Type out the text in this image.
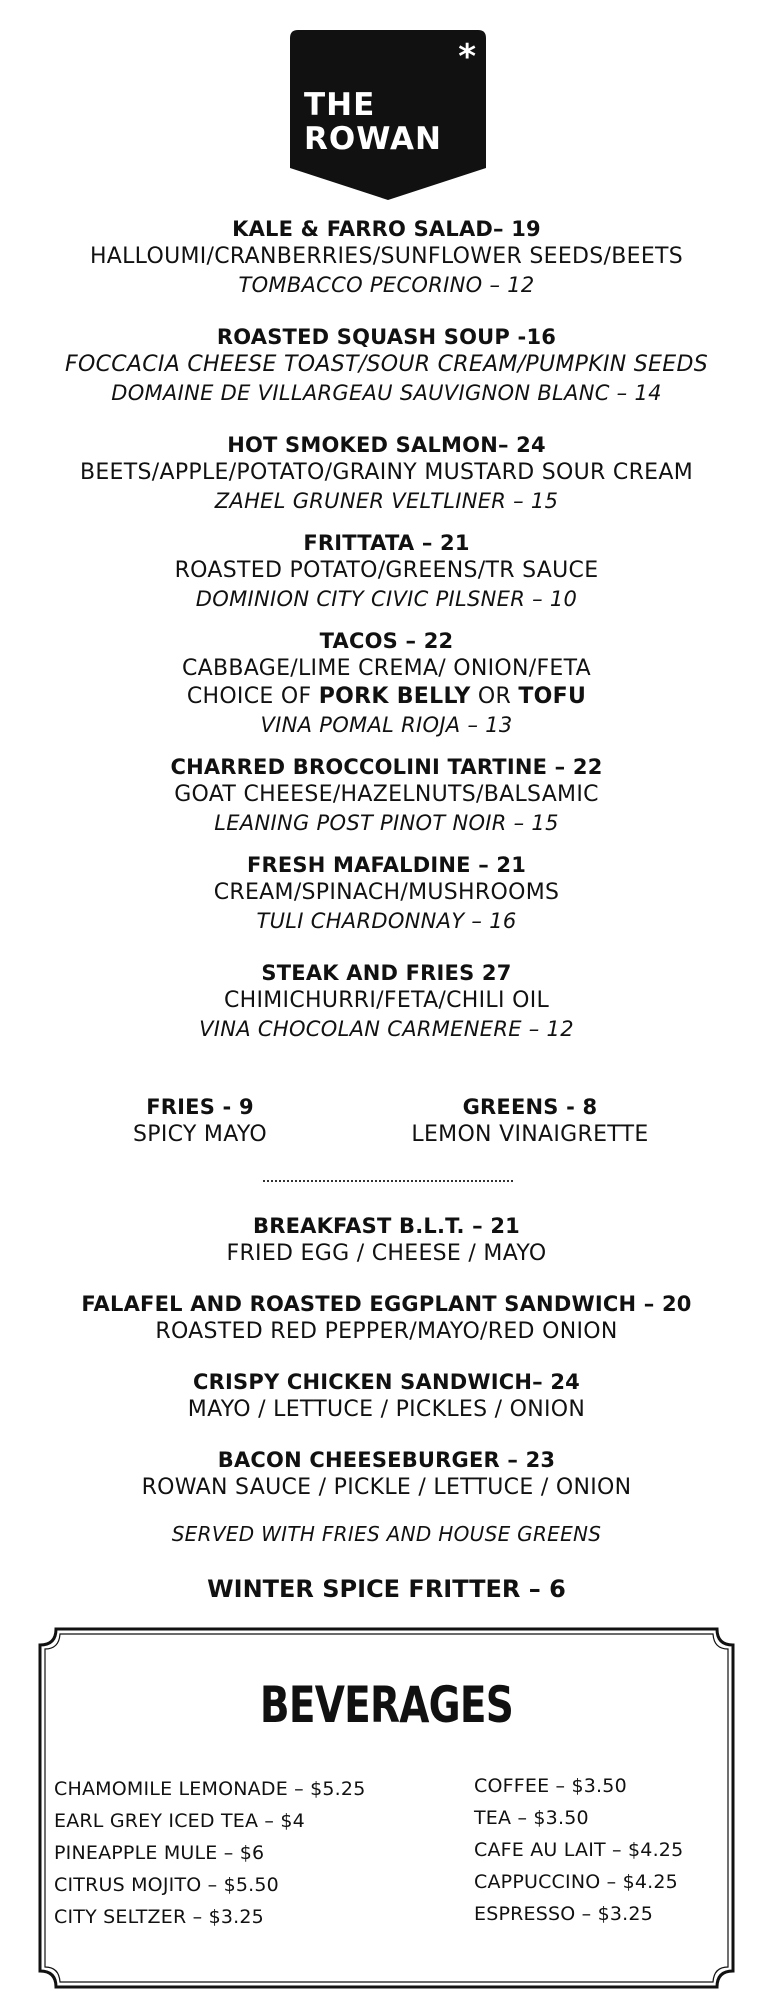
*
THE
ROWAN
KALE & FARRO SALAD– 19
HALLOUMI/CRANBERRIES/SUNFLOWER SEEDS/BEETS
TOMBACCO PECORINO – 12
ROASTED SQUASH SOUP -16
FOCCACIA CHEESE TOAST/SOUR CREAM/PUMPKIN SEEDS
DOMAINE DE VILLARGEAU SAUVIGNON BLANC – 14
HOT SMOKED SALMON– 24
BEETS/APPLE/POTATO/GRAINY MUSTARD SOUR CREAM
ZAHEL GRUNER VELTLINER – 15
FRITTATA – 21
ROASTED POTATO/GREENS/TR SAUCE
DOMINION CITY CIVIC PILSNER – 10
TACOS – 22
CABBAGE/LIME CREMA/ ONION/FETA
CHOICE OF PORK BELLY OR TOFU
VINA POMAL RIOJA – 13
CHARRED BROCCOLINI TARTINE – 22
GOAT CHEESE/HAZELNUTS/BALSAMIC
LEANING POST PINOT NOIR – 15
FRESH MAFALDINE – 21
CREAM/SPINACH/MUSHROOMS
TULI CHARDONNAY – 16
STEAK AND FRIES 27
CHIMICHURRI/FETA/CHILI OIL
VINA CHOCOLAN CARMENERE – 12
FRIES - 9
SPICY MAYO
GREENS - 8
LEMON VINAIGRETTE
BREAKFAST B.L.T. – 21
FRIED EGG / CHEESE / MAYO
FALAFEL AND ROASTED EGGPLANT SANDWICH – 20
ROASTED RED PEPPER/MAYO/RED ONION
CRISPY CHICKEN SANDWICH– 24
MAYO / LETTUCE / PICKLES / ONION
BACON CHEESEBURGER – 23
ROWAN SAUCE / PICKLE / LETTUCE / ONION
SERVED WITH FRIES AND HOUSE GREENS
WINTER SPICE FRITTER – 6
BEVERAGES
CHAMOMILE LEMONADE – $5.25
EARL GREY ICED TEA – $4
PINEAPPLE MULE – $6
CITRUS MOJITO – $5.50
CITY SELTZER – $3.25
COFFEE – $3.50
TEA – $3.50
CAFE AU LAIT – $4.25
CAPPUCCINO – $4.25
ESPRESSO – $3.25
